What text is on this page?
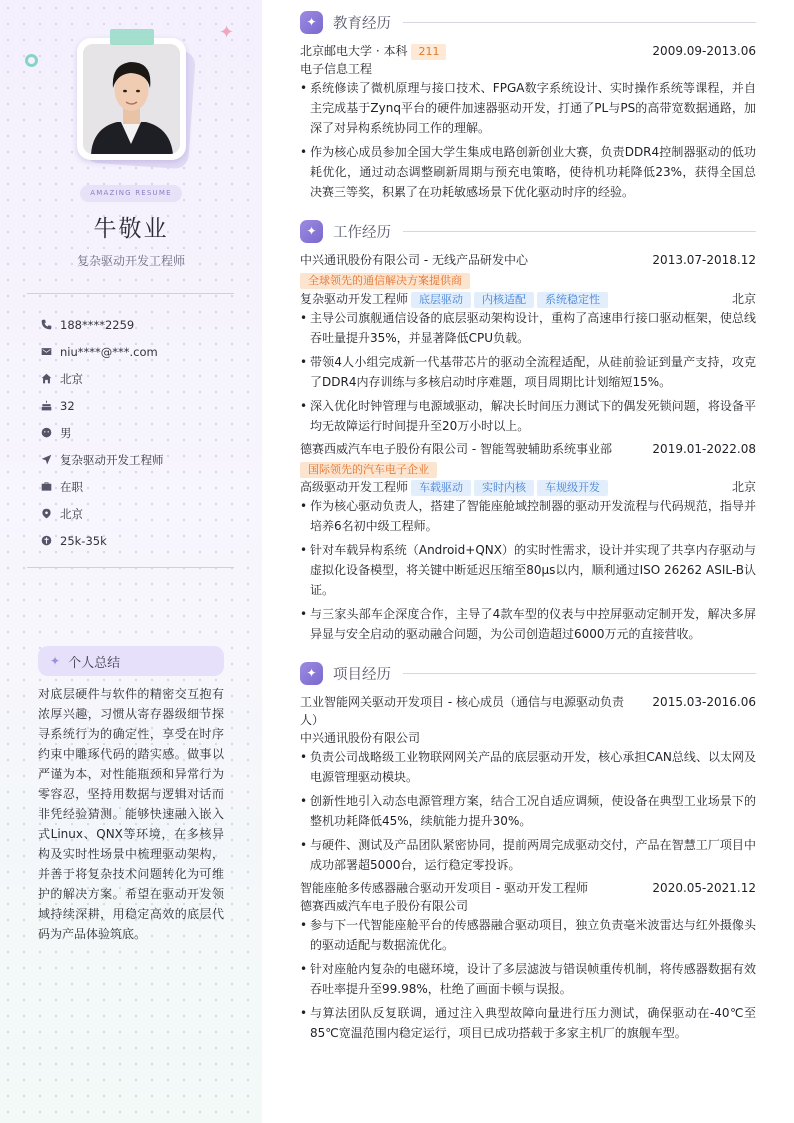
✦
AMAZING RESUME
牛敬业
复杂驱动开发工程师
188****2259
niu****@***.com
北京
32
男
复杂驱动开发工程师
在职
北京
25k-35k
✦ 个人总结
对底层硬件与软件的精密交互抱有浓厚兴趣，习惯从寄存器级细节探寻系统行为的确定性，享受在时序约束中雕琢代码的踏实感。做事以严谨为本，对性能瓶颈和异常行为零容忍，坚持用数据与逻辑对话而非凭经验猜测。能够快速融入嵌入式Linux、QNX等环境，在多核异构及实时性场景中梳理驱动架构，并善于将复杂技术问题转化为可维护的解决方案。希望在驱动开发领域持续深耕，用稳定高效的底层代码为产品体验筑底。
✦	教育经历
北京邮电大学 · 本科 211	2009.09-2013.06
电子信息工程
• 系统修读了微机原理与接口技术、FPGA数字系统设计、实时操作系统等课程，并自主完成基于Zynq平台的硬件加速器驱动开发，打通了PL与PS的高带宽数据通路，加深了对异构系统协同工作的理解。
• 作为核心成员参加全国大学生集成电路创新创业大赛，负责DDR4控制器驱动的低功耗优化，通过动态调整刷新周期与预充电策略，使待机功耗降低23%，获得全国总决赛三等奖，积累了在功耗敏感场景下优化驱动时序的经验。
✦	工作经历
中兴通讯股份有限公司 - 无线产品研发中心	2013.07-2018.12
全球领先的通信解决方案提供商
复杂驱动开发工程师 底层驱动 内核适配 系统稳定性	北京
• 主导公司旗舰通信设备的底层驱动架构设计，重构了高速串行接口驱动框架，使总线吞吐量提升35%，并显著降低CPU负载。
• 带领4人小组完成新一代基带芯片的驱动全流程适配，从硅前验证到量产支持，攻克了DDR4内存训练与多核启动时序难题，项目周期比计划缩短15%。
• 深入优化时钟管理与电源域驱动，解决长时间压力测试下的偶发死锁问题，将设备平均无故障运行时间提升至20万小时以上。
德赛西威汽车电子股份有限公司 - 智能驾驶辅助系统事业部	2019.01-2022.08
国际领先的汽车电子企业
高级驱动开发工程师 车载驱动 实时内核 车规级开发	北京
• 作为核心驱动负责人，搭建了智能座舱域控制器的驱动开发流程与代码规范，指导并培养6名初中级工程师。
• 针对车载异构系统（Android+QNX）的实时性需求，设计并实现了共享内存驱动与虚拟化设备模型，将关键中断延迟压缩至80μs以内，顺利通过ISO 26262 ASIL-B认证。
• 与三家头部车企深度合作，主导了4款车型的仪表与中控屏驱动定制开发，解决多屏异显与安全启动的驱动融合问题，为公司创造超过6000万元的直接营收。
✦	项目经历
工业智能网关驱动开发项目 - 核心成员（通信与电源驱动负责人）
2015.03-2016.06
中兴通讯股份有限公司
• 负责公司战略级工业物联网网关产品的底层驱动开发，核心承担CAN总线、以太网及电源管理驱动模块。
• 创新性地引入动态电源管理方案，结合工况自适应调频，使设备在典型工业场景下的整机功耗降低45%，续航能力提升30%。
• 与硬件、测试及产品团队紧密协同，提前两周完成驱动交付，产品在智慧工厂项目中成功部署超5000台，运行稳定零投诉。
智能座舱多传感器融合驱动开发项目 - 驱动开发工程师	2020.05-2021.12
德赛西威汽车电子股份有限公司
• 参与下一代智能座舱平台的传感器融合驱动项目，独立负责毫米波雷达与红外摄像头的驱动适配与数据流优化。
• 针对座舱内复杂的电磁环境，设计了多层滤波与错误帧重传机制，将传感器数据有效吞吐率提升至99.98%，杜绝了画面卡顿与误报。
• 与算法团队反复联调，通过注入典型故障向量进行压力测试，确保驱动在-40℃至85℃宽温范围内稳定运行，项目已成功搭载于多家主机厂的旗舰车型。
